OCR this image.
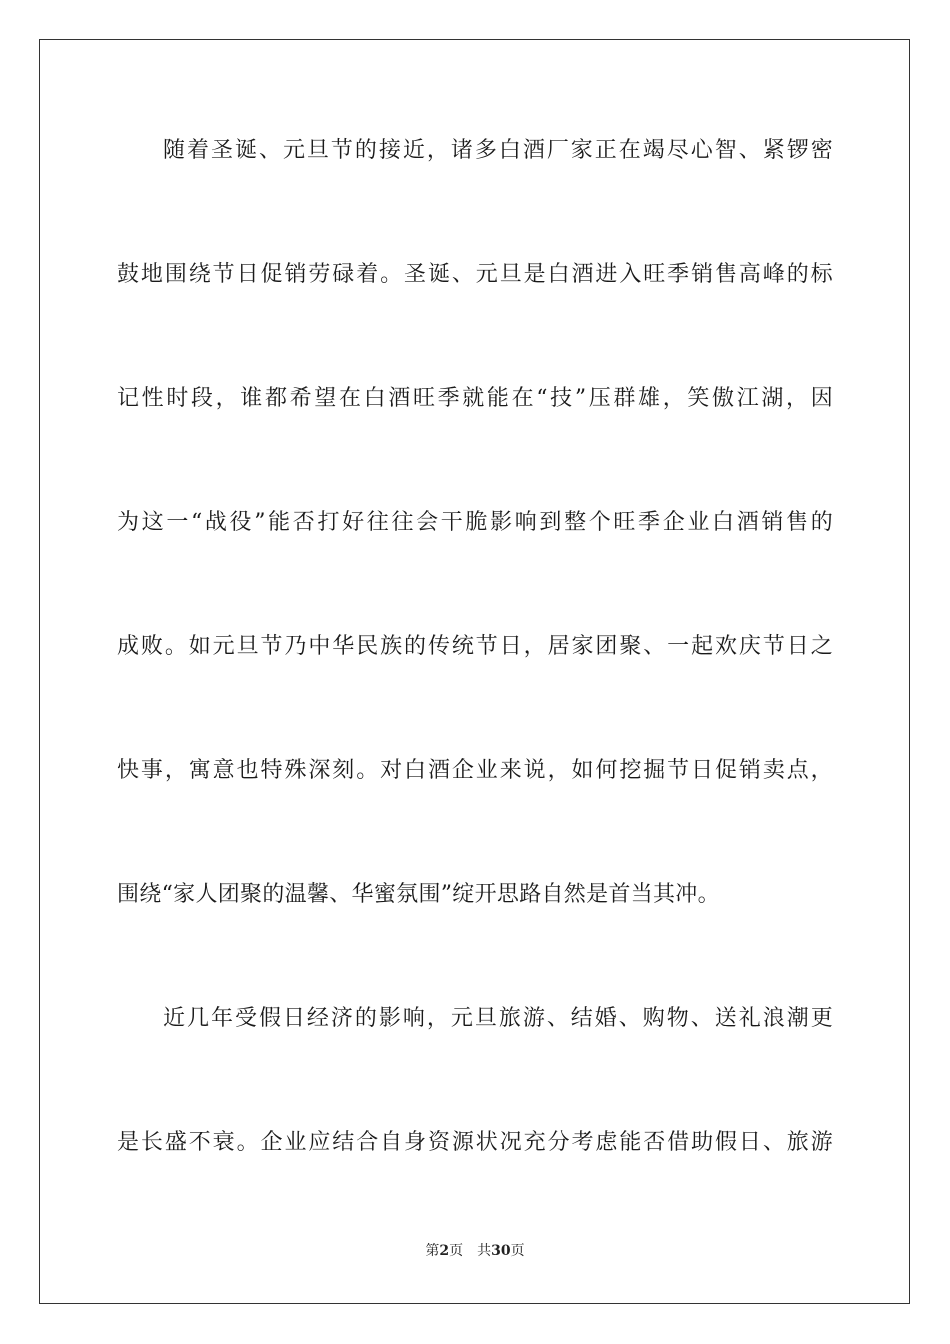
随着圣诞、元旦节的接近，诸多白酒厂家正在竭尽心智、紧锣密
鼓地围绕节日促销劳碌着。圣诞、元旦是白酒进入旺季销售高峰的标
记性时段，谁都希望在白酒旺季就能在“技”压群雄，笑傲江湖，因
为这一“战役”能否打好往往会干脆影响到整个旺季企业白酒销售的
成败。如元旦节乃中华民族的传统节日，居家团聚、一起欢庆节日之
快事，寓意也特殊深刻。对白酒企业来说，如何挖掘节日促销卖点，
围绕“家人团聚的温馨、华蜜氛围”绽开思路自然是首当其冲。
近几年受假日经济的影响，元旦旅游、结婚、购物、送礼浪潮更
是长盛不衰。企业应结合自身资源状况充分考虑能否借助假日、旅游
第2页 共30页
